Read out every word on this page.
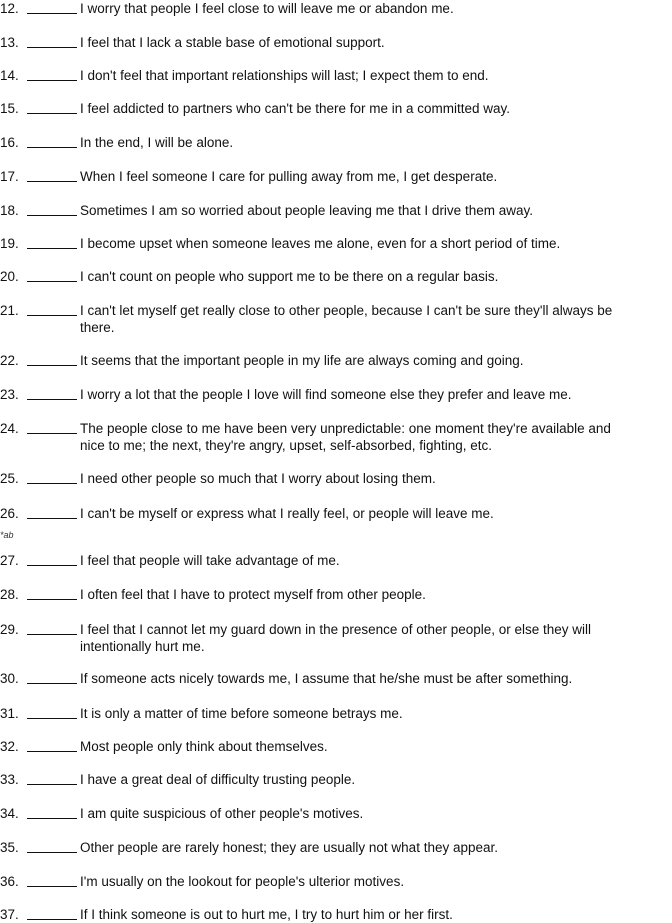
12.	I worry that people I feel close to will leave me or abandon me.
13.	I feel that I lack a stable base of emotional support.
14.	I don't feel that important relationships will last; I expect them to end.
15.	I feel addicted to partners who can't be there for me in a committed way.
16.	In the end, I will be alone.
17.	When I feel someone I care for pulling away from me, I get desperate.
18.	Sometimes I am so worried about people leaving me that I drive them away.
19.	I become upset when someone leaves me alone, even for a short period of time.
20.	I can't count on people who support me to be there on a regular basis.
21.	I can't let myself get really close to other people, because I can't be sure they'll always be
there.
22.	It seems that the important people in my life are always coming and going.
23.	I worry a lot that the people I love will find someone else they prefer and leave me.
24.	The people close to me have been very unpredictable: one moment they're available and
nice to me; the next, they're angry, upset, self-absorbed, fighting, etc.
25.	I need other people so much that I worry about losing them.
26.	I can't be myself or express what I really feel, or people will leave me.
*ab
27.	I feel that people will take advantage of me.
28.	I often feel that I have to protect myself from other people.
29.	I feel that I cannot let my guard down in the presence of other people, or else they will
intentionally hurt me.
30.	If someone acts nicely towards me, I assume that he/she must be after something.
31.	It is only a matter of time before someone betrays me.
32.	Most people only think about themselves.
33.	I have a great deal of difficulty trusting people.
34.	I am quite suspicious of other people's motives.
35.	Other people are rarely honest; they are usually not what they appear.
36.	I'm usually on the lookout for people's ulterior motives.
37.	If I think someone is out to hurt me, I try to hurt him or her first.
